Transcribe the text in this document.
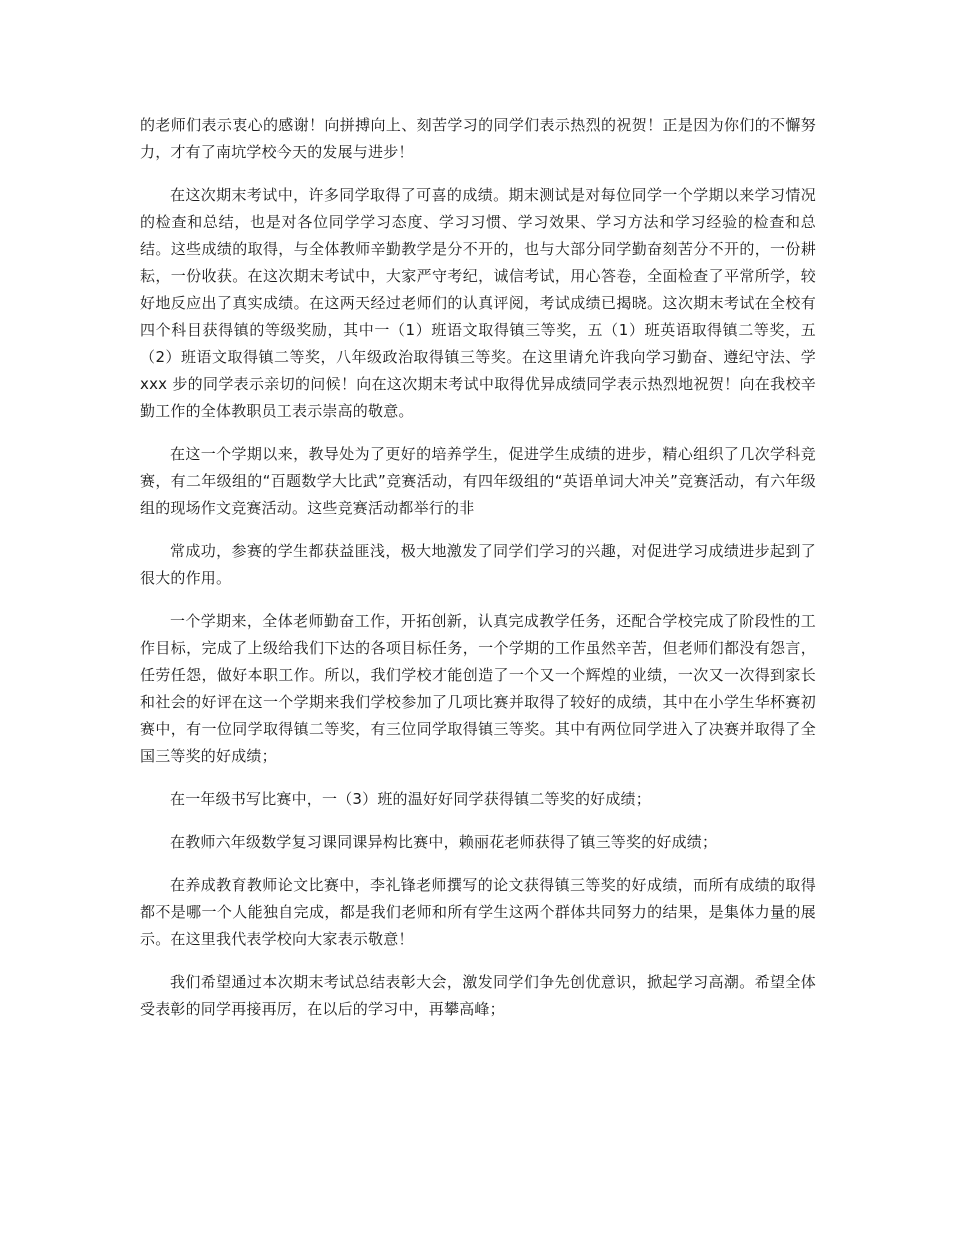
的老师们表示衷心的感谢！向拼搏向上、刻苦学习的同学们表示热烈的祝贺！正是因为你们的不懈努力，才有了南坑学校今天的发展与进步！

在这次期末考试中，许多同学取得了可喜的成绩。期末测试是对每位同学一个学期以来学习情况的检查和总结，也是对各位同学学习态度、学习习惯、学习效果、学习方法和学习经验的检查和总结。这些成绩的取得，与全体教师辛勤教学是分不开的，也与大部分同学勤奋刻苦分不开的，一份耕耘，一份收获。在这次期末考试中，大家严守考纪，诚信考试，用心答卷，全面检查了平常所学，较好地反应出了真实成绩。在这两天经过老师们的认真评阅，考试成绩已揭晓。这次期末考试在全校有四个科目获得镇的等级奖励，其中一（1）班语文取得镇三等奖，五（1）班英语取得镇二等奖，五（2）班语文取得镇二等奖，八年级政治取得镇三等奖。在这里请允许我向学习勤奋、遵纪守法、学 xxx 步的同学表示亲切的问候！向在这次期末考试中取得优异成绩同学表示热烈地祝贺！向在我校辛勤工作的全体教职员工表示崇高的敬意。

在这一个学期以来，教导处为了更好的培养学生，促进学生成绩的进步，精心组织了几次学科竞赛，有二年级组的“百题数学大比武”竞赛活动，有四年级组的“英语单词大冲关”竞赛活动，有六年级组的现场作文竞赛活动。这些竞赛活动都举行的非

常成功，参赛的学生都获益匪浅，极大地激发了同学们学习的兴趣，对促进学习成绩进步起到了很大的作用。

一个学期来，全体老师勤奋工作，开拓创新，认真完成教学任务，还配合学校完成了阶段性的工作目标，完成了上级给我们下达的各项目标任务，一个学期的工作虽然辛苦，但老师们都没有怨言，任劳任怨，做好本职工作。所以，我们学校才能创造了一个又一个辉煌的业绩，一次又一次得到家长和社会的好评在这一个学期来我们学校参加了几项比赛并取得了较好的成绩，其中在小学生华杯赛初赛中，有一位同学取得镇二等奖，有三位同学取得镇三等奖。其中有两位同学进入了决赛并取得了全国三等奖的好成绩；

在一年级书写比赛中，一（3）班的温好好同学获得镇二等奖的好成绩；

在教师六年级数学复习课同课异构比赛中，赖丽花老师获得了镇三等奖的好成绩；

在养成教育教师论文比赛中，李礼锋老师撰写的论文获得镇三等奖的好成绩，而所有成绩的取得都不是哪一个人能独自完成，都是我们老师和所有学生这两个群体共同努力的结果，是集体力量的展示。在这里我代表学校向大家表示敬意！

我们希望通过本次期末考试总结表彰大会，激发同学们争先创优意识，掀起学习高潮。希望全体受表彰的同学再接再厉，在以后的学习中，再攀高峰；
